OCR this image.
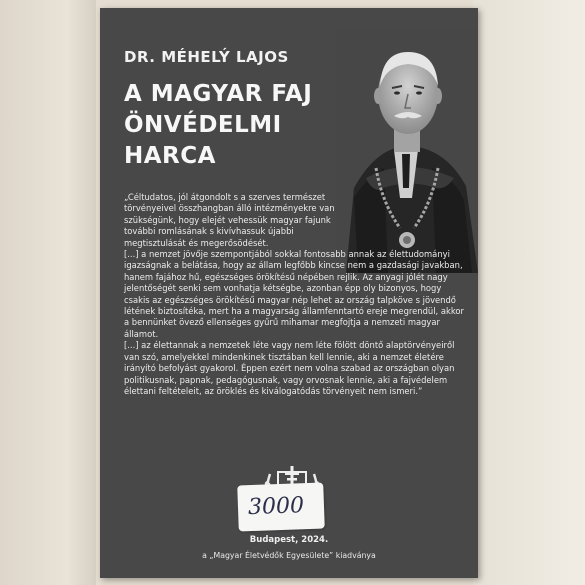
DR. MÉHELÝ LAJOS
A MAGYAR FAJ
ÖNVÉDELMI
HARCA

„Céltudatos, jól átgondolt s a szerves természet törvényeivel összhangban álló intézményekre van szükségünk, hogy elejét vehessük magyar fajunk további romlásának s kivívhassuk újabbi megtisztulását és megerősödését.

[...] a nemzet jövője szempontjából sokkal fontosabb annak az élettudományi igazságnak a belátása, hogy az állam legfőbb kincse nem a gazdasági javakban, hanem fajához hű, egészséges örökítésű népében rejlik. Az anyagi jólét nagy jelentőségét senki sem vonhatja kétségbe, azonban épp oly bizonyos, hogy csakis az egészséges örökítésű magyar nép lehet az ország talpköve s jövendő létének biztosítéka, mert ha a magyarság államfenntartó ereje megrendül, akkor a bennünket övező ellenséges gyűrű mihamar megfojtja a nemzeti magyar államot.

[...] az élettannak a nemzetek léte vagy nem léte fölött döntő alaptörvényeiről van szó, amelyekkel mindenkinek tisztában kell lennie, aki a nemzet életére irányító befolyást gyakorol. Éppen ezért nem volna szabad az országban olyan politikusnak, papnak, pedagógusnak, vagy orvosnak lennie, aki a fajvédelem élettani feltételeit, az öröklés és kiválogatódás törvényeit nem ismeri.”

3000
Budapest, 2024.
a „Magyar Életvédők Egyesülete” kiadványa
